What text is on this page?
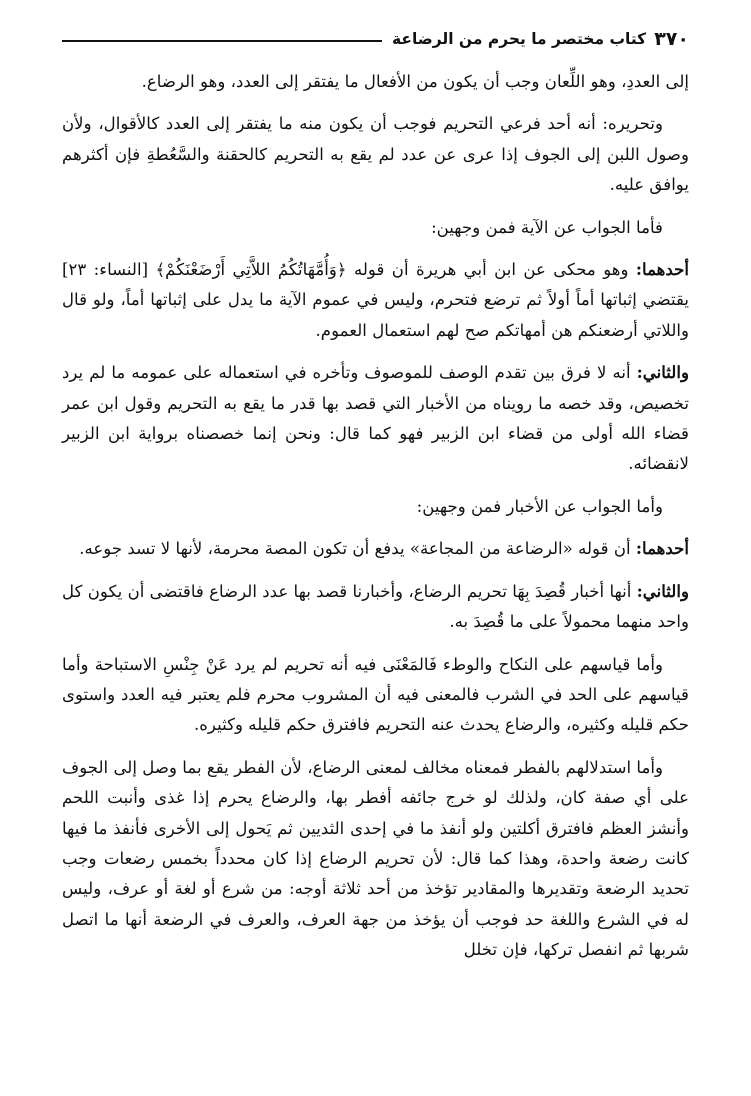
٣٧٠
كتاب مختصر ما يحرم من الرضاعة

إلى العددِ، وهو اللِّعان وجب أن يكون من الأفعال ما يفتقر إلى العدد، وهو الرضاع.

وتحريره: أنه أحد فرعي التحريم فوجب أن يكون منه ما يفتقر إلى العدد كالأقوال، ولأن وصول اللبن إلى الجوف إذا عرى عن عدد لم يقع به التحريم كالحقنة والسَّعُطةِ فإن أكثرهم يوافق عليه.

فأما الجواب عن الآية فمن وجهين:

أحدهما: وهو محكى عن ابن أبي هريرة أن قوله ﴿وَأُمَّهَاتُكُمُ اللاَّتِي أَرْضَعْنَكُمْ﴾ [النساء: ٢٣] يقتضي إثباتها أماً أولاً ثم ترضع فتحرم، وليس في عموم الآية ما يدل على إثباتها أماً، ولو قال واللاتي أرضعنكم هن أمهاتكم صح لهم استعمال العموم.

والثاني: أنه لا فرق بين تقدم الوصف للموصوف وتأخره في استعماله على عمومه ما لم يرد تخصيص، وقد خصه ما رويناه من الأخبار التي قصد بها قدر ما يقع به التحريم وقول ابن عمر قضاء الله أولى من قضاء ابن الزبير فهو كما قال: ونحن إنما خصصناه برواية ابن الزبير لانقضائه.

وأما الجواب عن الأخبار فمن وجهين:

أحدهما: أن قوله «الرضاعة من المجاعة» يدفع أن تكون المصة محرمة، لأنها لا تسد جوعه.

والثاني: أنها أخبار قُصِدَ بِهَا تحريم الرضاع، وأخبارنا قصد بها عدد الرضاع فاقتضى أن يكون كل واحد منهما محمولاً على ما قُصِدَ به.

وأما قياسهم على النكاح والوطء فَالمَعْنَى فيه أنه تحريم لم يرد عَنْ جِنْسِ الاستباحة وأما قياسهم على الحد في الشرب فالمعنى فيه أن المشروب محرم فلم يعتبر فيه العدد واستوى حكم قليله وكثيره، والرضاع يحدث عنه التحريم فافترق حكم قليله وكثيره.

وأما استدلالهم بالفطر فمعناه مخالف لمعنى الرضاع، لأن الفطر يقع بما وصل إلى الجوف على أي صفة كان، ولذلك لو خرج جائفه أفطر بها، والرضاع يحرم إذا غذى وأنبت اللحم وأنشز العظم فافترق أكلتين ولو أنفذ ما في إحدى الثديين ثم يَحول إلى الأخرى فأنفذ ما فيها كانت رضعة واحدة، وهذا كما قال: لأن تحريم الرضاع إذا كان محدداً بخمس رضعات وجب تحديد الرضعة وتقديرها والمقادير تؤخذ من أحد ثلاثة أوجه: من شرع أو لغة أو عرف، وليس له في الشرع واللغة حد فوجب أن يؤخذ من جهة العرف، والعرف في الرضعة أنها ما اتصل شربها ثم انفصل تركها، فإن تخلل
